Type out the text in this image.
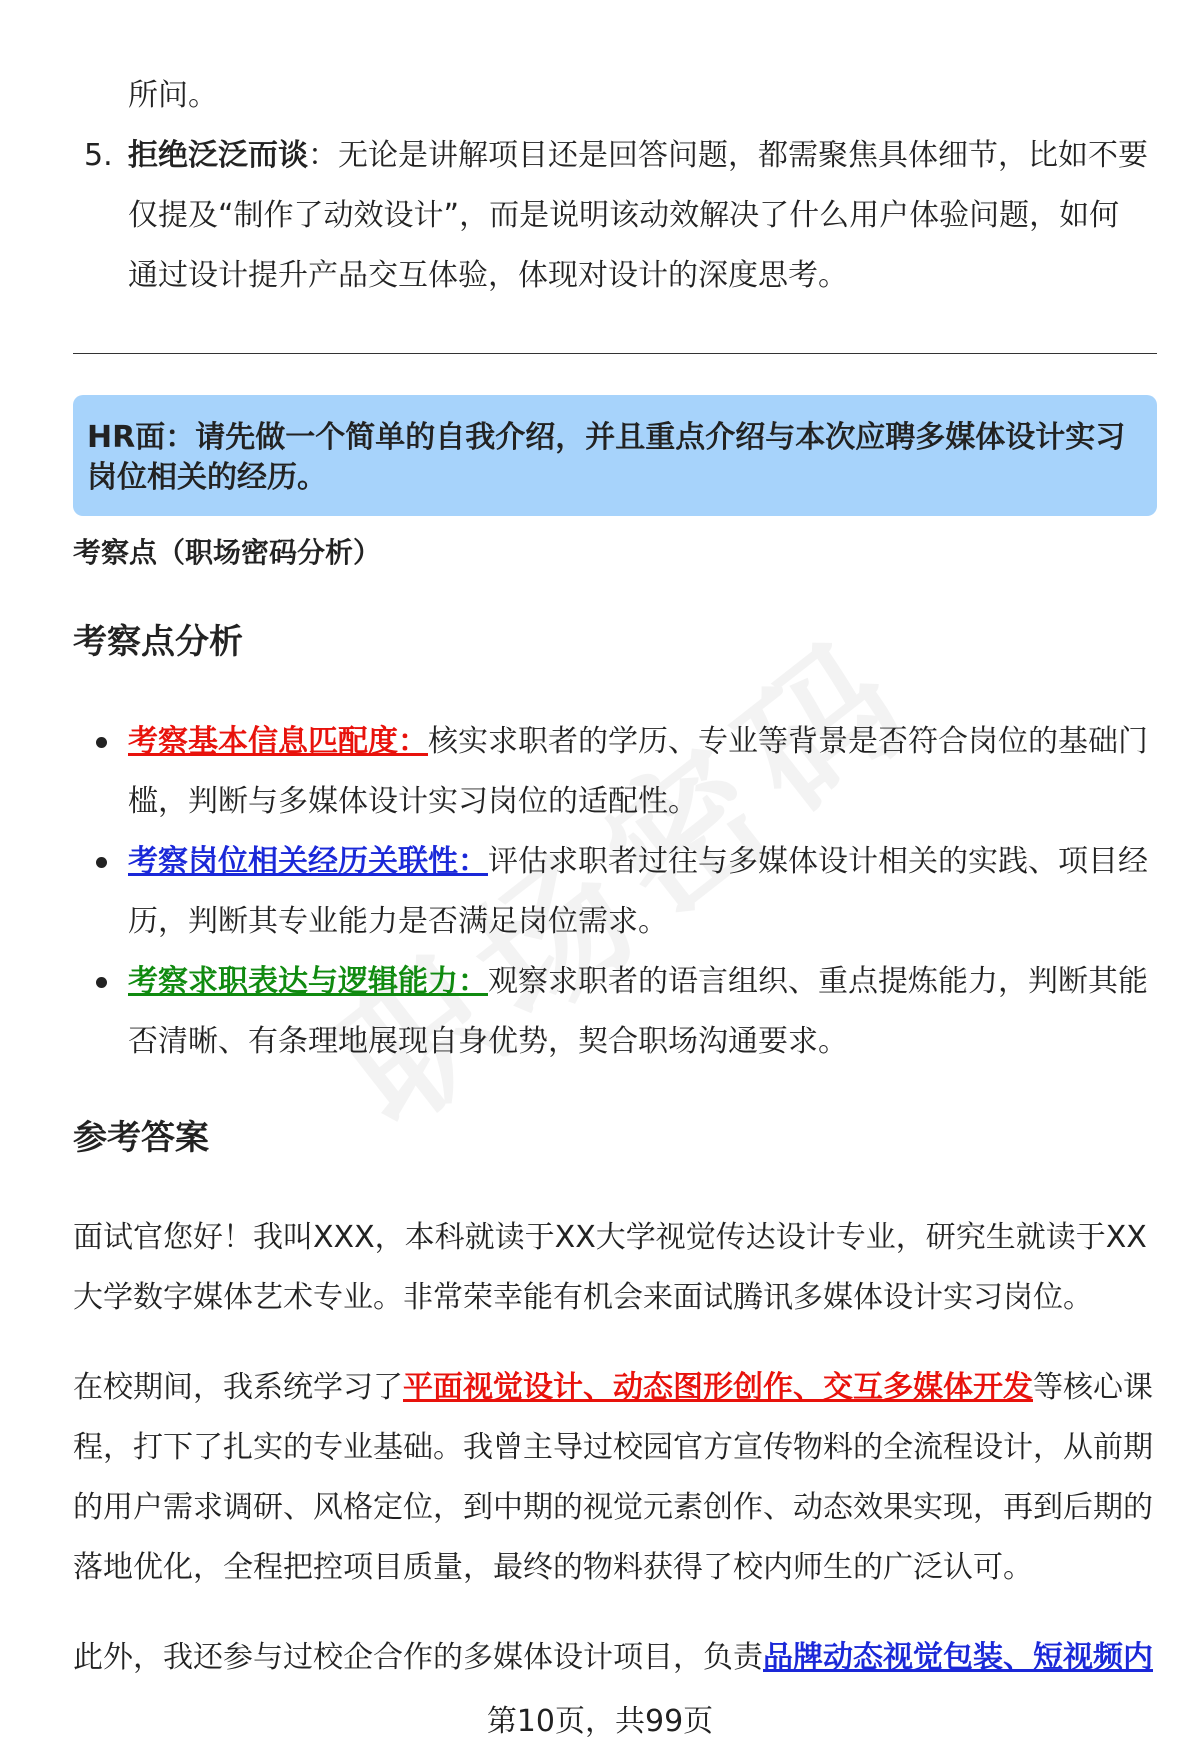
所问。
5. 拒绝泛泛而谈：无论是讲解项目还是回答问题，都需聚焦具体细节，比如不要
仅提及“制作了动效设计”，而是说明该动效解决了什么用户体验问题，如何
通过设计提升产品交互体验，体现对设计的深度思考。
HR面：请先做一个简单的自我介绍，并且重点介绍与本次应聘多媒体设计实习
岗位相关的经历。
考察点（职场密码分析）
考察点分析
考察基本信息匹配度：核实求职者的学历、专业等背景是否符合岗位的基础门
槛，判断与多媒体设计实习岗位的适配性。
考察岗位相关经历关联性：评估求职者过往与多媒体设计相关的实践、项目经
历，判断其专业能力是否满足岗位需求。
考察求职表达与逻辑能力：观察求职者的语言组织、重点提炼能力，判断其能
否清晰、有条理地展现自身优势，契合职场沟通要求。
参考答案
面试官您好！我叫XXX，本科就读于XX大学视觉传达设计专业，研究生就读于XX
大学数字媒体艺术专业。非常荣幸能有机会来面试腾讯多媒体设计实习岗位。
在校期间，我系统学习了平面视觉设计、动态图形创作、交互多媒体开发等核心课
程，打下了扎实的专业基础。我曾主导过校园官方宣传物料的全流程设计，从前期
的用户需求调研、风格定位，到中期的视觉元素创作、动态效果实现，再到后期的
落地优化，全程把控项目质量，最终的物料获得了校内师生的广泛认可。
此外，我还参与过校企合作的多媒体设计项目，负责品牌动态视觉包装、短视频内
第10页，共99页
